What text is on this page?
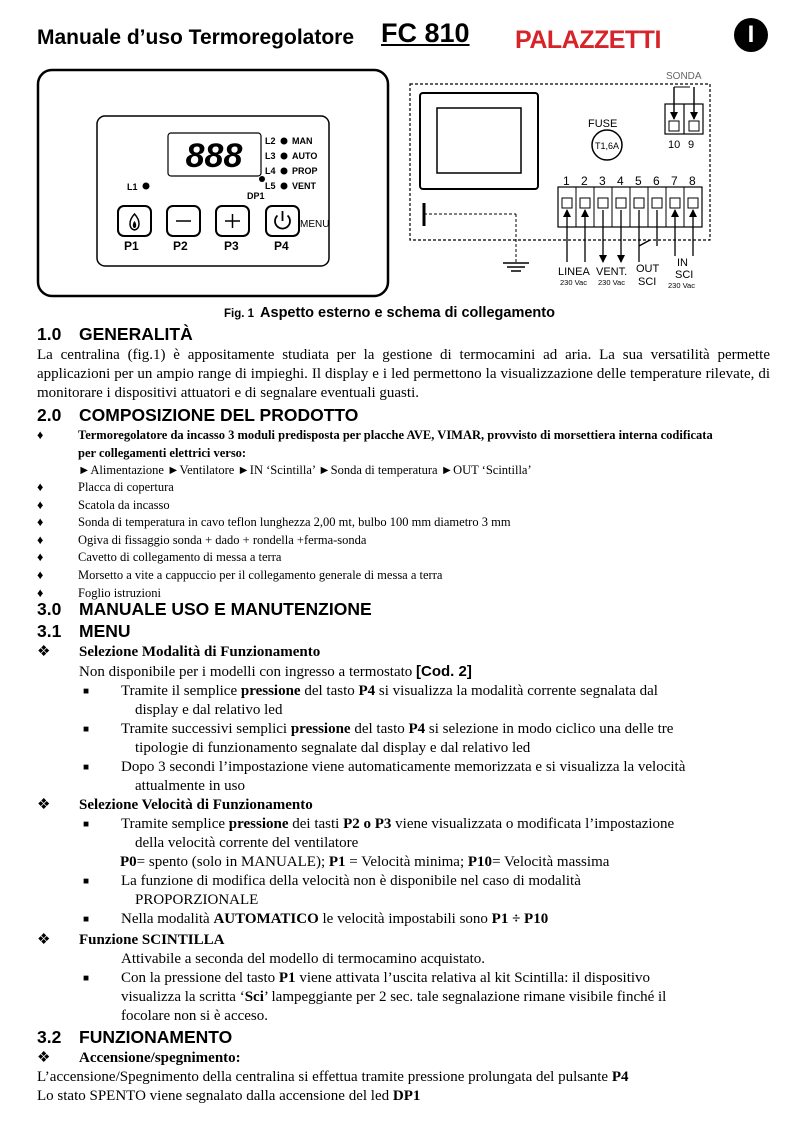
Manuale d’uso Termoregolatore FC 810 PALAZZETTI	I
888
L1
L2 MAN
L3 AUTO
L4 PROP
L5 VENT
DP1
P1	P2	P3	P4
MENU
FUSE
T1,6A
SONDA
10 9
1 2 3 4 5 6 7 8
LINEA
230 Vac
VENT.
230 Vac
OUT
SCI
IN
SCI
230 Vac
Fig. 1 Aspetto esterno e schema di collegamento
1.0 GENERALITÀ
La centralina (fig.1) è appositamente studiata per la gestione di termocamini ad aria. La sua versatilità permette applicazioni per un ampio range di impieghi. Il display e i led permettono la visualizzazione delle temperature rilevate, di monitorare i dispositivi attuatori e di segnalare eventuali guasti.
2.0 COMPOSIZIONE DEL PRODOTTO
♦	Termoregolatore da incasso 3 moduli predisposta per placche AVE, VIMAR, provvisto di morsettiera interna codificata
per collegamenti elettrici verso:
►Alimentazione ►Ventilatore ►IN ‘Scintilla’ ►Sonda di temperatura ►OUT ‘Scintilla’
♦	Placca di copertura
♦	Scatola da incasso
♦	Sonda di temperatura in cavo teflon lunghezza 2,00 mt, bulbo 100 mm diametro 3 mm
♦	Ogiva di fissaggio sonda + dado + rondella +ferma-sonda
♦	Cavetto di collegamento di messa a terra
♦	Morsetto a vite a cappuccio per il collegamento generale di messa a terra
♦	Foglio istruzioni
3.0 MANUALE USO E MANUTENZIONE
3.1 MENU
❖ Selezione Modalità di Funzionamento
Non disponibile per i modelli con ingresso a termostato [Cod. 2]
■ Tramite il semplice pressione del tasto P4 si visualizza la modalità corrente segnalata dal
display e dal relativo led
■ Tramite successivi semplici pressione del tasto P4 si selezione in modo ciclico una delle tre
tipologie di funzionamento segnalate dal display e dal relativo led
■ Dopo 3 secondi l’impostazione viene automaticamente memorizzata e si visualizza la velocità
attualmente in uso
❖ Selezione Velocità di Funzionamento
■ Tramite semplice pressione dei tasti P2 o P3 viene visualizzata o modificata l’impostazione
della velocità corrente del ventilatore
P0= spento (solo in MANUALE); P1 = Velocità minima; P10= Velocità massima
■ La funzione di modifica della velocità non è disponibile nel caso di modalità
PROPORZIONALE
■ Nella modalità AUTOMATICO le velocità impostabili sono P1 ÷ P10
❖ Funzione SCINTILLA
Attivabile a seconda del modello di termocamino acquistato.
■ Con la pressione del tasto P1 viene attivata l’uscita relativa al kit Scintilla: il dispositivo
visualizza la scritta ‘Sci’ lampeggiante per 2 sec. tale segnalazione rimane visibile finché il
focolare non si è acceso.
3.2 FUNZIONAMENTO
❖ Accensione/spegnimento:
L’accensione/Spegnimento della centralina si effettua tramite pressione prolungata del pulsante P4
Lo stato SPENTO viene segnalato dalla accensione del led DP1
